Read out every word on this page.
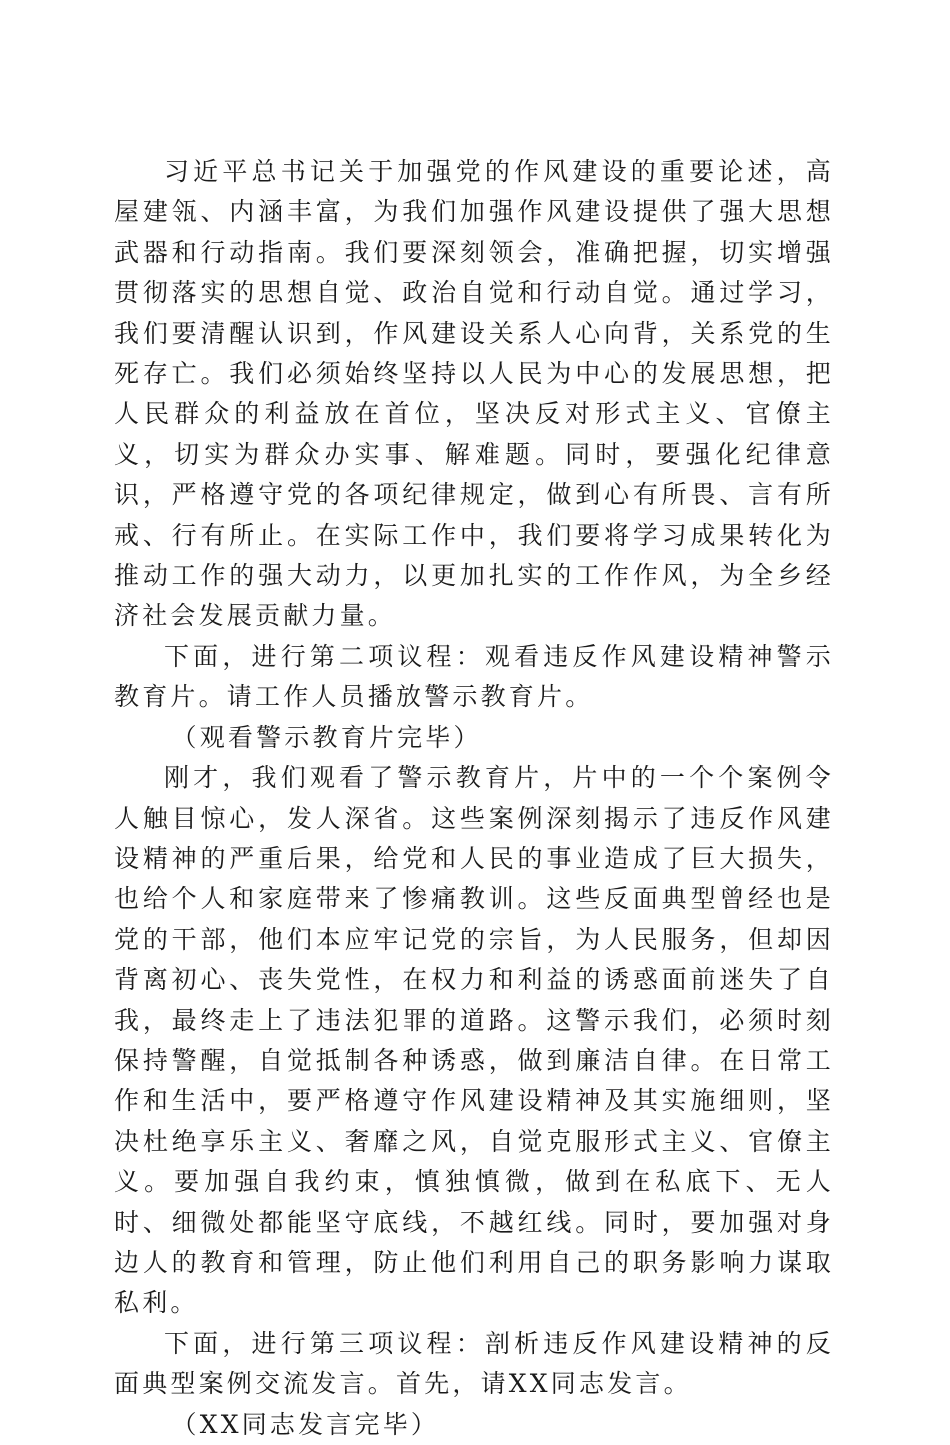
习近平总书记关于加强党的作风建设的重要论述，高屋建瓴、内涵丰富，为我们加强作风建设提供了强大思想武器和行动指南。我们要深刻领会，准确把握，切实增强贯彻落实的思想自觉、政治自觉和行动自觉。通过学习，我们要清醒认识到，作风建设关系人心向背，关系党的生死存亡。我们必须始终坚持以人民为中心的发展思想，把人民群众的利益放在首位，坚决反对形式主义、官僚主义，切实为群众办实事、解难题。同时，要强化纪律意识，严格遵守党的各项纪律规定，做到心有所畏、言有所戒、行有所止。在实际工作中，我们要将学习成果转化为推动工作的强大动力，以更加扎实的工作作风，为全乡经济社会发展贡献力量。

下面，进行第二项议程：观看违反作风建设精神警示教育片。请工作人员播放警示教育片。

（观看警示教育片完毕）

刚才，我们观看了警示教育片，片中的一个个案例令人触目惊心，发人深省。这些案例深刻揭示了违反作风建设精神的严重后果，给党和人民的事业造成了巨大损失，也给个人和家庭带来了惨痛教训。这些反面典型曾经也是党的干部，他们本应牢记党的宗旨，为人民服务，但却因背离初心、丧失党性，在权力和利益的诱惑面前迷失了自我，最终走上了违法犯罪的道路。这警示我们，必须时刻保持警醒，自觉抵制各种诱惑，做到廉洁自律。在日常工作和生活中，要严格遵守作风建设精神及其实施细则，坚决杜绝享乐主义、奢靡之风，自觉克服形式主义、官僚主义。要加强自我约束，慎独慎微，做到在私底下、无人时、细微处都能坚守底线，不越红线。同时，要加强对身边人的教育和管理，防止他们利用自己的职务影响力谋取私利。

下面，进行第三项议程：剖析违反作风建设精神的反面典型案例交流发言。首先，请XX同志发言。

（XX同志发言完毕）
